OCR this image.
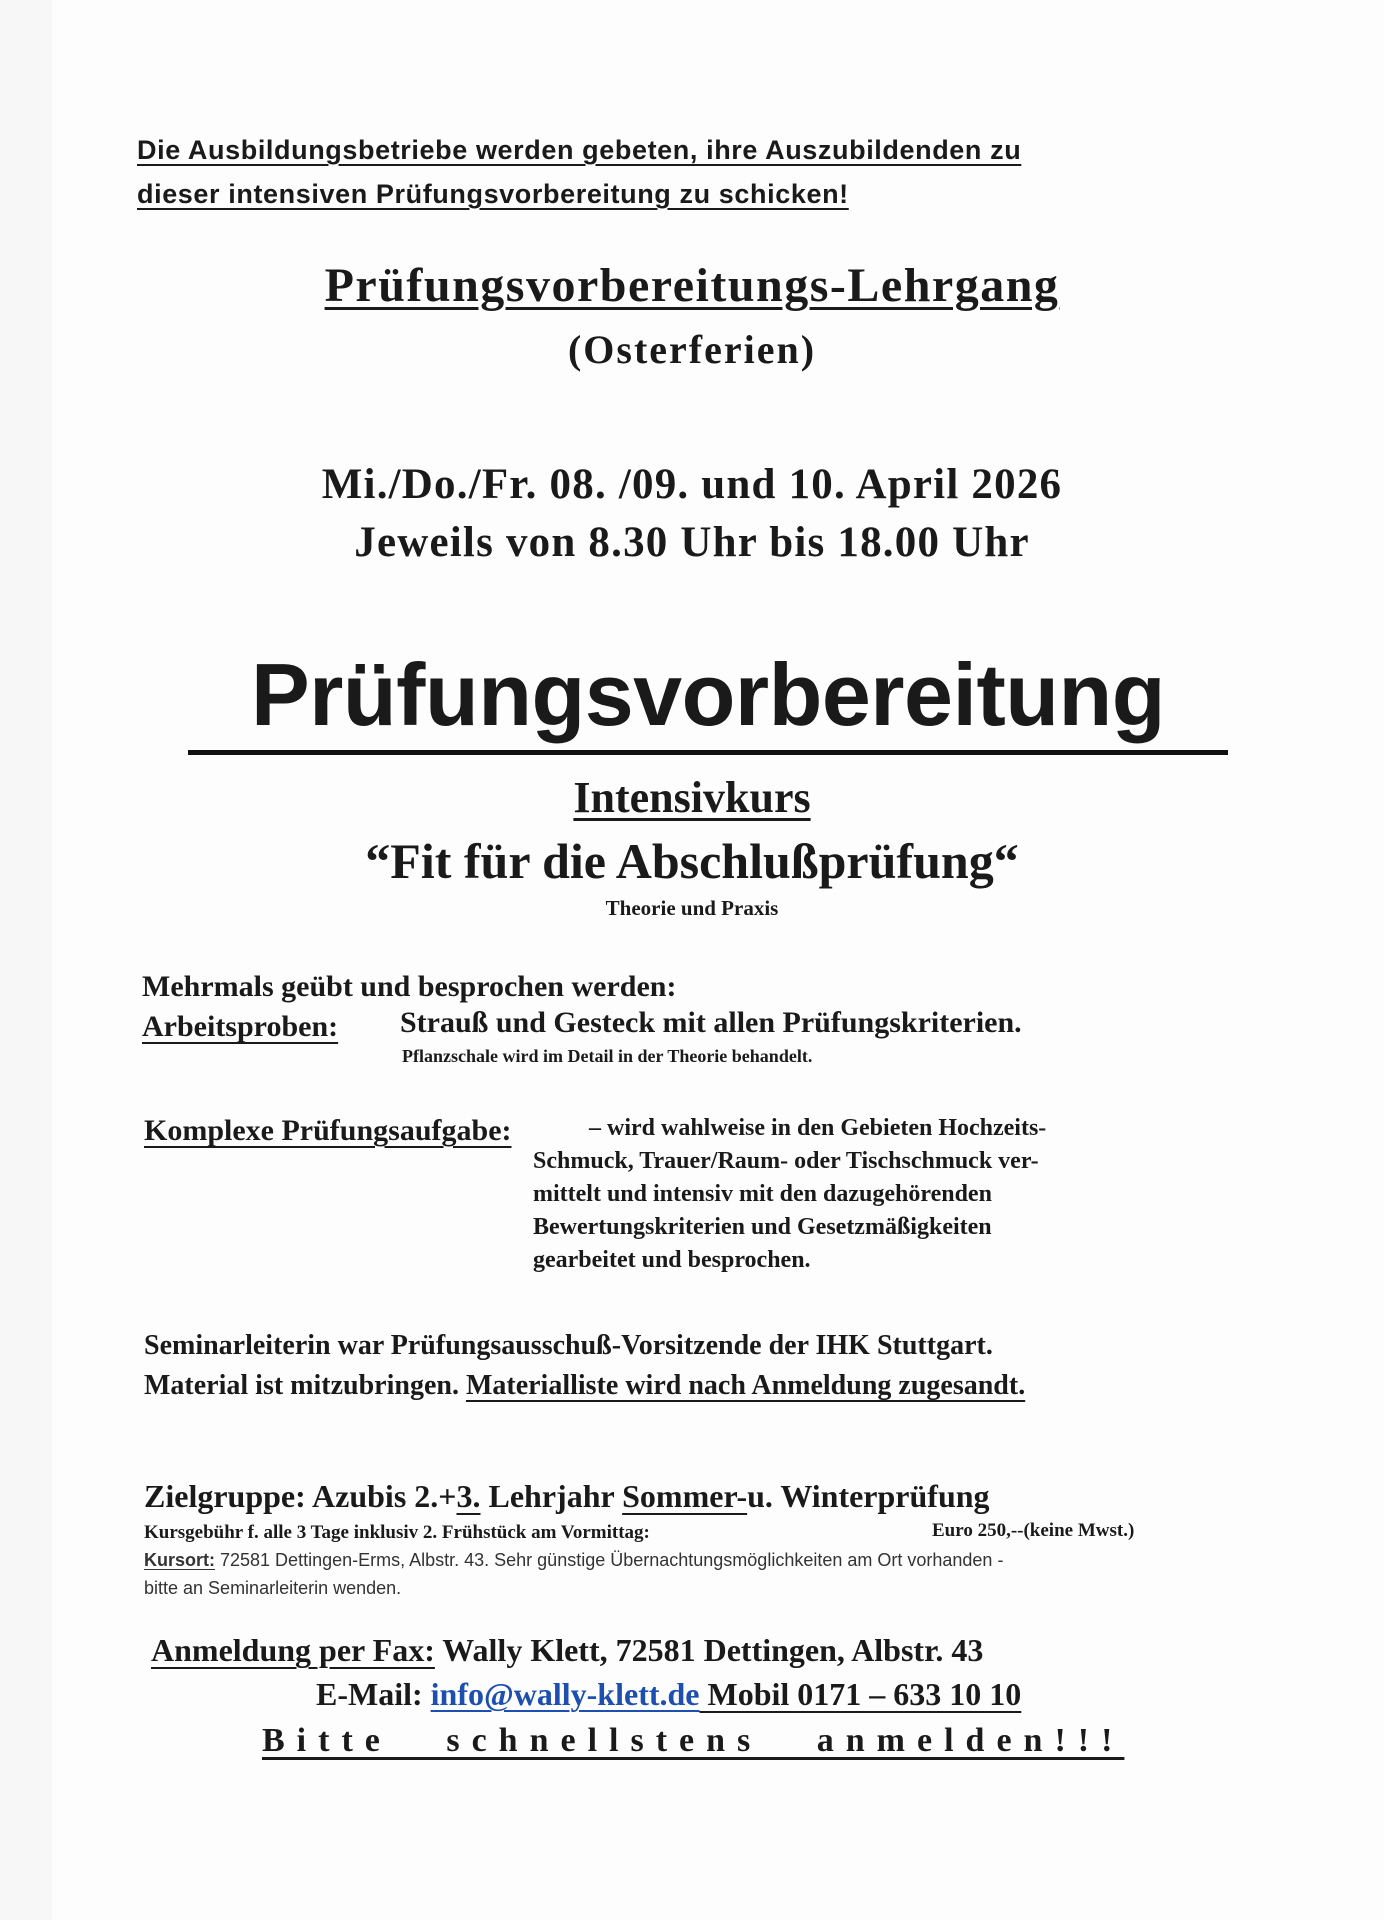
Die Ausbildungsbetriebe werden gebeten, ihre Auszubildenden zu
dieser intensiven Prüfungsvorbereitung zu schicken!

Prüfungsvorbereitungs-Lehrgang

(Osterferien)

Mi./Do./Fr. 08. /09. und 10. April 2026

Jeweils von 8.30 Uhr bis 18.00 Uhr

Prüfungsvorbereitung

Intensivkurs

“Fit für die Abschlußprüfung“

Theorie und Praxis

Mehrmals geübt und besprochen werden:

Arbeitsproben: Strauß und Gesteck mit allen Prüfungskriterien.

Pflanzschale wird im Detail in der Theorie behandelt.

Komplexe Prüfungsaufgabe:	– wird wahlweise in den Gebieten Hochzeits-
Schmuck, Trauer/Raum- oder Tischschmuck ver-
mittelt und intensiv mit den dazugehörenden
Bewertungskriterien und Gesetzmäßigkeiten
gearbeitet und besprochen.

Seminarleiterin war Prüfungsausschuß-Vorsitzende der IHK Stuttgart.

Material ist mitzubringen. Materialliste wird nach Anmeldung zugesandt.

Zielgruppe: Azubis 2.+3. Lehrjahr Sommer-u. Winterprüfung

Kursgebühr f. alle 3 Tage inklusiv 2. Frühstück am Vormittag:	Euro 250,--(keine Mwst.)

Kursort: 72581 Dettingen-Erms, Albstr. 43. Sehr günstige Übernachtungsmöglichkeiten am Ort vorhanden -

bitte an Seminarleiterin wenden.

Anmeldung per Fax: Wally Klett, 72581 Dettingen, Albstr. 43

E-Mail: info@wally-klett.de Mobil 0171 – 633 10 10

Bitte schnellstens anmelden!!!
